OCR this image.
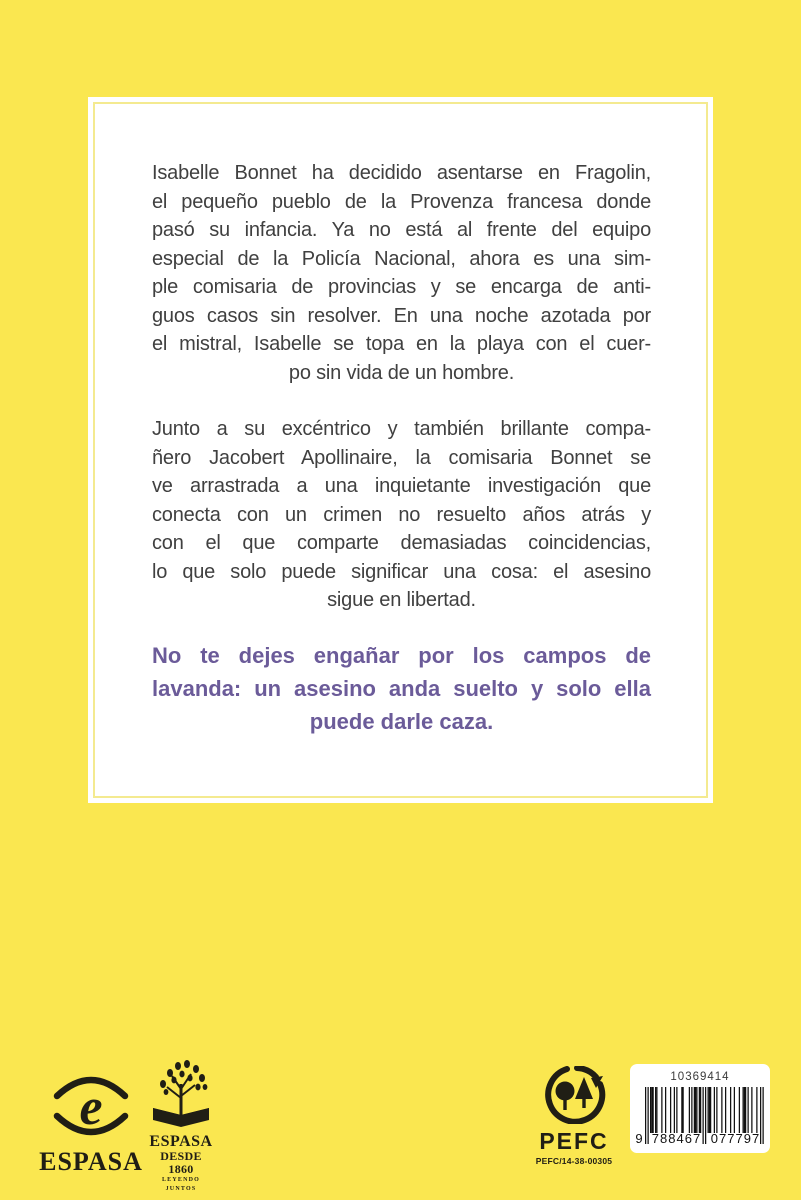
Isabelle Bonnet ha decidido asentarse en Fragolin,
el pequeño pueblo de la Provenza francesa donde
pasó su infancia. Ya no está al frente del equipo
especial de la Policía Nacional, ahora es una sim-
ple comisaria de provincias y se encarga de anti-
guos casos sin resolver. En una noche azotada por
el mistral, Isabelle se topa en la playa con el cuer-
po sin vida de un hombre.
Junto a su excéntrico y también brillante compa-
ñero Jacobert Apollinaire, la comisaria Bonnet se
ve arrastrada a una inquietante investigación que
conecta con un crimen no resuelto años atrás y
con el que comparte demasiadas coincidencias,
lo que solo puede significar una cosa: el asesino
sigue en libertad.
No te dejes engañar por los campos de
lavanda: un asesino anda suelto y solo ella
puede darle caza.
e
ESPASA
ESPASA
DESDE 1860
LEYENDO JUNTOS
PEFC
PEFC/14-38-00305
10369414
9 788467 077797
